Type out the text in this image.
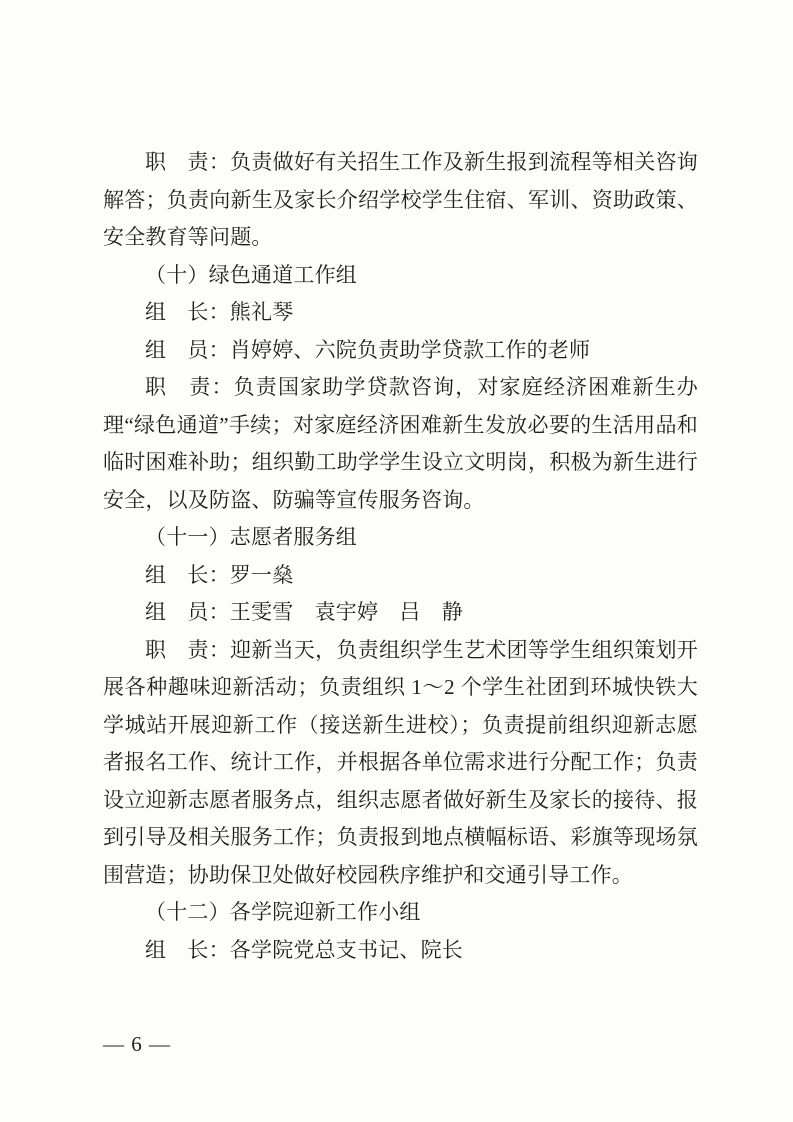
职　责：负责做好有关招生工作及新生报到流程等相关咨询解答；负责向新生及家长介绍学校学生住宿、军训、资助政策、安全教育等问题。

（十）绿色通道工作组

组　长：熊礼琴

组　员：肖婷婷、六院负责助学贷款工作的老师

职　责：负责国家助学贷款咨询，对家庭经济困难新生办理“绿色通道”手续；对家庭经济困难新生发放必要的生活用品和临时困难补助；组织勤工助学学生设立文明岗，积极为新生进行安全，以及防盗、防骗等宣传服务咨询。

（十一）志愿者服务组

组　长：罗一燊

组　员：王雯雪　袁宇婷　吕　静

职　责：迎新当天，负责组织学生艺术团等学生组织策划开展各种趣味迎新活动；负责组织 1～2 个学生社团到环城快铁大学城站开展迎新工作（接送新生进校）；负责提前组织迎新志愿者报名工作、统计工作，并根据各单位需求进行分配工作；负责设立迎新志愿者服务点，组织志愿者做好新生及家长的接待、报到引导及相关服务工作；负责报到地点横幅标语、彩旗等现场氛围营造；协助保卫处做好校园秩序维护和交通引导工作。

（十二）各学院迎新工作小组

组　长：各学院党总支书记、院长

— 6 —
